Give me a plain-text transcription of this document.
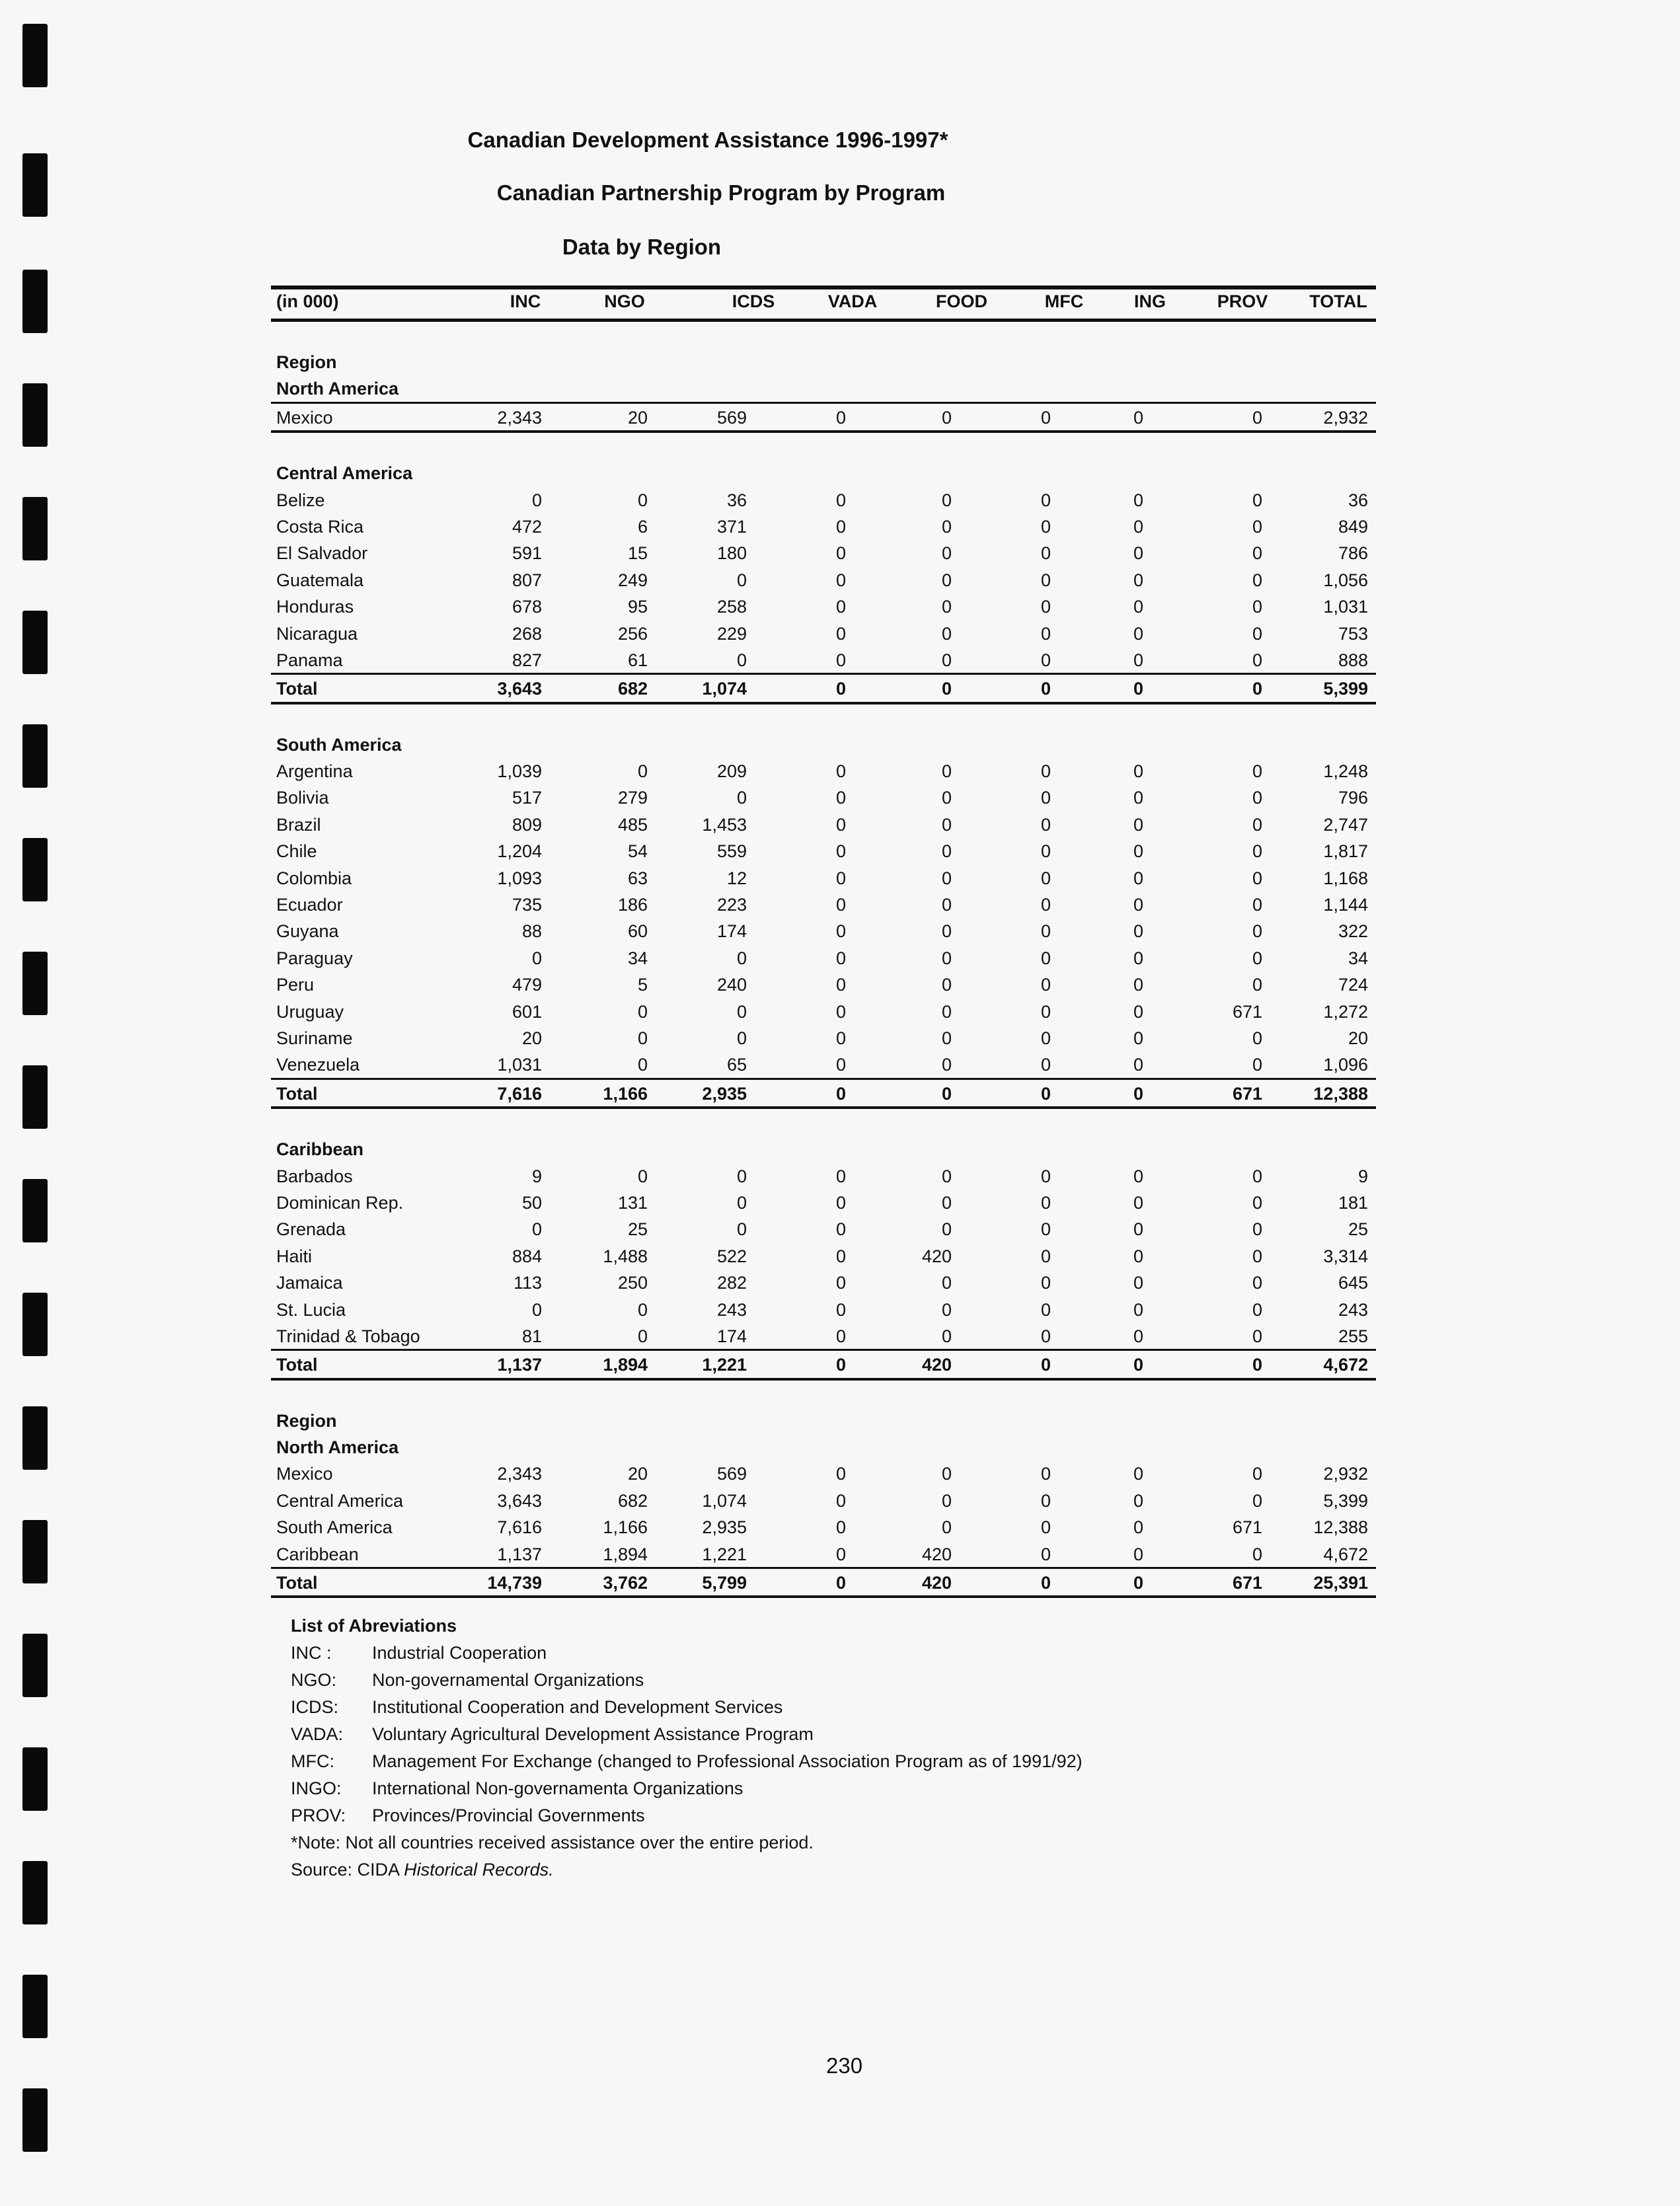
Canadian Development Assistance 1996-1997*
Canadian Partnership Program by Program
Data by Region
(in 000)	INC	NGO	ICDS	VADA	FOOD	MFC	ING	PROV	TOTAL
Region
North America
Mexico	2,343	20	569	0	0	0	0	0	2,932
Central America
Belize	0	0	36	0	0	0	0	0	36
Costa Rica	472	6	371	0	0	0	0	0	849
El Salvador	591	15	180	0	0	0	0	0	786
Guatemala	807	249	0	0	0	0	0	0	1,056
Honduras	678	95	258	0	0	0	0	0	1,031
Nicaragua	268	256	229	0	0	0	0	0	753
Panama	827	61	0	0	0	0	0	0	888
Total	3,643	682	1,074	0	0	0	0	0	5,399
South America
Argentina	1,039	0	209	0	0	0	0	0	1,248
Bolivia	517	279	0	0	0	0	0	0	796
Brazil	809	485	1,453	0	0	0	0	0	2,747
Chile	1,204	54	559	0	0	0	0	0	1,817
Colombia	1,093	63	12	0	0	0	0	0	1,168
Ecuador	735	186	223	0	0	0	0	0	1,144
Guyana	88	60	174	0	0	0	0	0	322
Paraguay	0	34	0	0	0	0	0	0	34
Peru	479	5	240	0	0	0	0	0	724
Uruguay	601	0	0	0	0	0	0	671	1,272
Suriname	20	0	0	0	0	0	0	0	20
Venezuela	1,031	0	65	0	0	0	0	0	1,096
Total	7,616	1,166	2,935	0	0	0	0	671	12,388
Caribbean
Barbados	9	0	0	0	0	0	0	0	9
Dominican Rep.	50	131	0	0	0	0	0	0	181
Grenada	0	25	0	0	0	0	0	0	25
Haiti	884	1,488	522	0	420	0	0	0	3,314
Jamaica	113	250	282	0	0	0	0	0	645
St. Lucia	0	0	243	0	0	0	0	0	243
Trinidad & Tobago	81	0	174	0	0	0	0	0	255
Total	1,137	1,894	1,221	0	420	0	0	0	4,672
Region
North America
Mexico	2,343	20	569	0	0	0	0	0	2,932
Central America	3,643	682	1,074	0	0	0	0	0	5,399
South America	7,616	1,166	2,935	0	0	0	0	671	12,388
Caribbean	1,137	1,894	1,221	0	420	0	0	0	4,672
Total	14,739	3,762	5,799	0	420	0	0	671	25,391
List of Abreviations
INC : Industrial Cooperation
NGO: Non-governamental Organizations
ICDS: Institutional Cooperation and Development Services
VADA: Voluntary Agricultural Development Assistance Program
MFC: Management For Exchange (changed to Professional Association Program as of 1991/92)
INGO: International Non-governamenta Organizations
PROV: Provinces/Provincial Governments
*Note: Not all countries received assistance over the entire period.
Source: CIDA Historical Records.
230
